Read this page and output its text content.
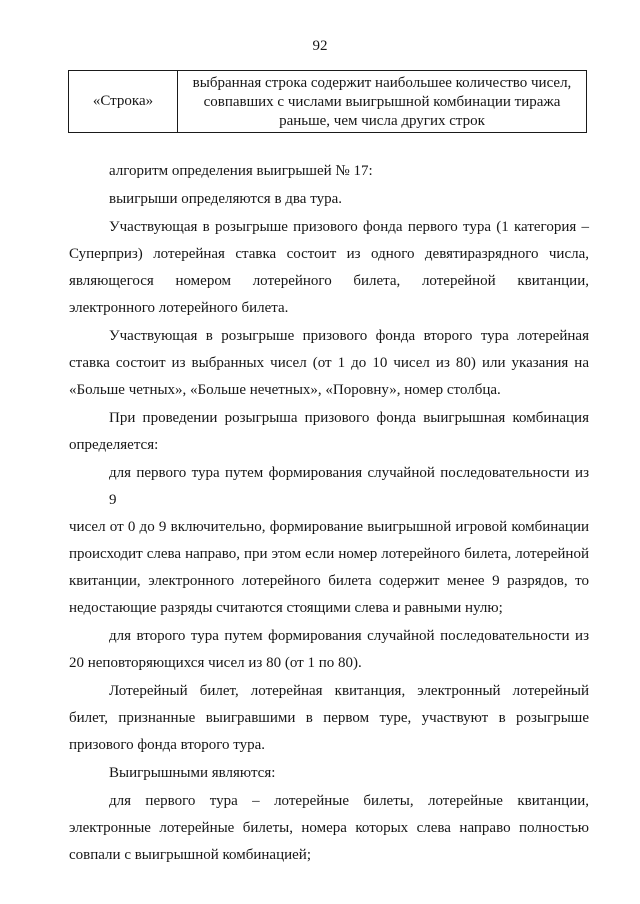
92
«Строка»
выбранная строка содержит наибольшее количество чисел,
совпавших с числами выигрышной комбинации тиража
раньше, чем числа других строк
алгоритм определения выигрышей № 17:
выигрыши определяются в два тура.
Участвующая в розыгрыше призового фонда первого тура (1 категория –
Суперприз) лотерейная ставка состоит из одного девятиразрядного числа,
являющегося номером лотерейного билета, лотерейной квитанции,
электронного лотерейного билета.
Участвующая в розыгрыше призового фонда второго тура лотерейная
ставка состоит из выбранных чисел (от 1 до 10 чисел из 80) или указания на
«Больше четных», «Больше нечетных», «Поровну», номер столбца.
При проведении розыгрыша призового фонда выигрышная комбинация
определяется:
для первого тура путем формирования случайной последовательности из 9
чисел от 0 до 9 включительно, формирование выигрышной игровой комбинации
происходит слева направо, при этом если номер лотерейного билета, лотерейной
квитанции, электронного лотерейного билета содержит менее 9 разрядов, то
недостающие разряды считаются стоящими слева и равными нулю;
для второго тура путем формирования случайной последовательности из
20 неповторяющихся чисел из 80 (от 1 по 80).
Лотерейный билет, лотерейная квитанция, электронный лотерейный
билет, признанные выигравшими в первом туре, участвуют в розыгрыше
призового фонда второго тура.
Выигрышными являются:
для первого тура – лотерейные билеты, лотерейные квитанции,
электронные лотерейные билеты, номера которых слева направо полностью
совпали с выигрышной комбинацией;
